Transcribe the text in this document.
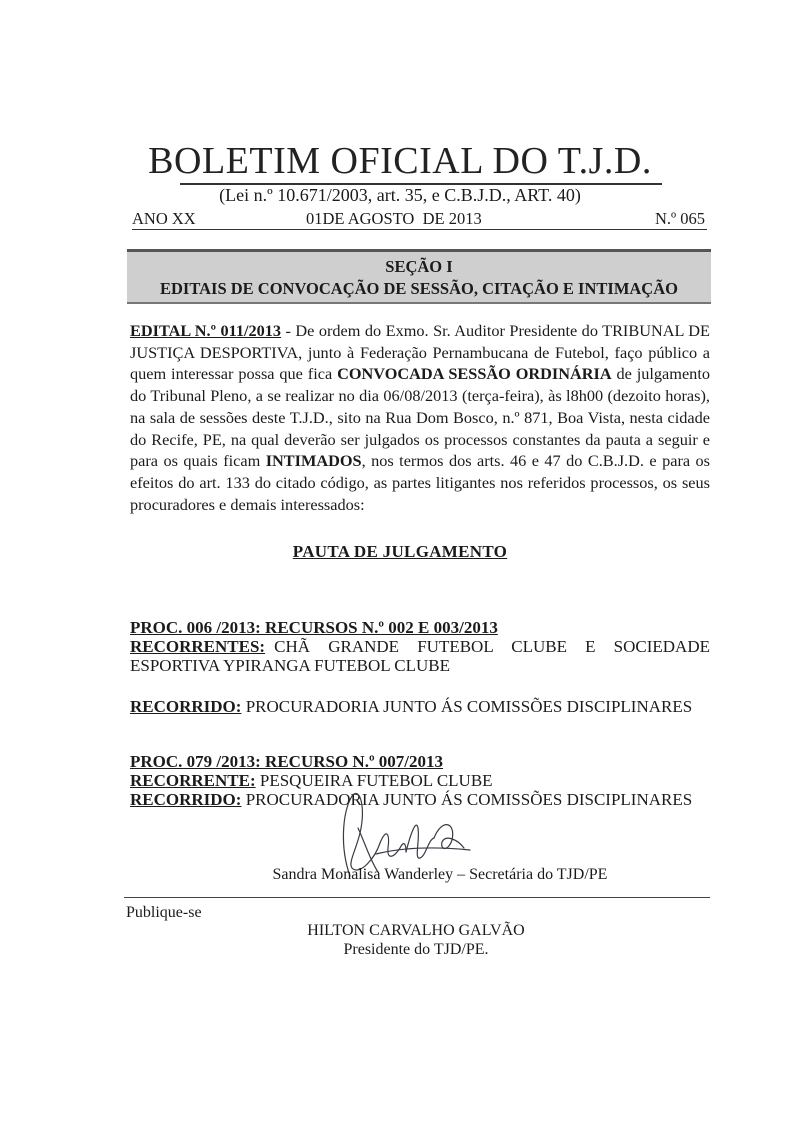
BOLETIM OFICIAL DO T.J.D.
(Lei n.º 10.671/2003, art. 35, e C.B.J.D., ART. 40)
ANO XX	01DE AGOSTO  DE 2013	N.º 065
SEÇÃO I
EDITAIS DE CONVOCAÇÃO DE SESSÃO, CITAÇÃO E INTIMAÇÃO
EDITAL N.º 011/2013 - De ordem do Exmo. Sr. Auditor Presidente do TRIBUNAL DE JUSTIÇA DESPORTIVA, junto à Federação Pernambucana de Futebol, faço público a quem interessar possa que fica CONVOCADA SESSÃO ORDINÁRIA de julgamento do Tribunal Pleno, a se realizar no dia 06/08/2013 (terça-feira), às l8h00 (dezoito horas), na sala de sessões deste T.J.D., sito na Rua Dom Bosco, n.º 871, Boa Vista, nesta cidade do Recife, PE, na qual deverão ser julgados os processos constantes da pauta a seguir e para os quais ficam INTIMADOS, nos termos dos arts. 46 e 47 do C.B.J.D. e para os efeitos do art. 133 do citado código, as partes litigantes nos referidos processos, os seus procuradores e demais interessados:
PAUTA DE JULGAMENTO
PROC. 006 /2013: RECURSOS N.º 002 E 003/2013
RECORRENTES: CHÃ  GRANDE  FUTEBOL  CLUBE  E  SOCIEDADE
ESPORTIVA YPIRANGA FUTEBOL CLUBE
RECORRIDO: PROCURADORIA JUNTO ÁS COMISSÕES DISCIPLINARES
PROC. 079 /2013: RECURSO N.º 007/2013
RECORRENTE: PESQUEIRA FUTEBOL CLUBE
RECORRIDO: PROCURADORIA JUNTO ÁS COMISSÕES DISCIPLINARES
Sandra Monalisa Wanderley – Secretária do TJD/PE
Publique-se
HILTON CARVALHO GALVÃO
Presidente do TJD/PE.
